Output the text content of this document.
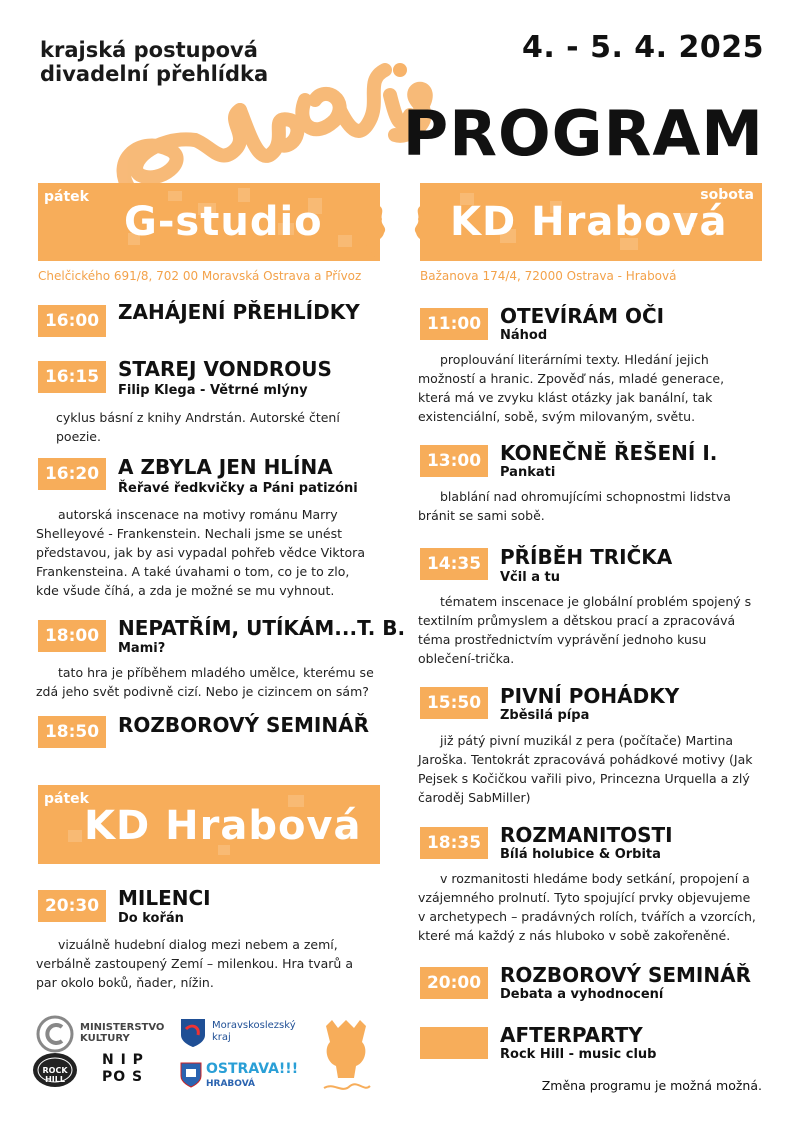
krajská postupová
divadelní přehlídka
4. - 5. 4. 2025
PROGRAM
pátek
G-studio
sobota
KD Hrabová
Chelčického 691/8, 702 00 Moravská Ostrava a Přívoz	Bažanova 174/4, 72000 Ostrava - Hrabová
16:00 ZAHÁJENÍ PŘEHLÍDKY
16:15 STAREJ VONDROUS
Filip Klega - Větrné mlýny
cyklus básní z knihy Andrstán. Autorské čtení poezie.
16:20 A ZBYLA JEN HLÍNA
Řeřavé ředkvičky a Páni patizóni
autorská inscenace na motivy románu Marry Shelleyové - Frankenstein. Nechali jsme se unést představou, jak by asi vypadal pohřeb vědce Viktora Frankensteina. A také úvahami o tom, co je to zlo, kde všude číhá, a zda je možné se mu vyhnout.
18:00 NEPATŘÍM, UTÍKÁM...T. B.
Mami?
tato hra je příběhem mladého umělce, kterému se zdá jeho svět podivně cizí. Nebo je cizincem on sám?
18:50 ROZBOROVÝ SEMINÁŘ
pátek
KD Hrabová
20:30 MILENCI
Do kořán
vizuálně hudební dialog mezi nebem a zemí, verbálně zastoupený Zemí – milenkou. Hra tvarů a par okolo boků, ňader, nížin.
11:00 OTEVÍRÁM OČI
Náhod
proplouvání literárními texty. Hledání jejich možností a hranic. Zpověď nás, mladé generace, která má ve zvyku klást otázky jak banální, tak existenciální, sobě, svým milovaným, světu.
13:00 KONEČNĚ ŘEŠENÍ I.
Pankati
blablání nad ohromujícími schopnostmi lidstva bránit se sami sobě.
14:35 PŘÍBĚH TRIČKA
Včil a tu
tématem inscenace je globální problém spojený s textilním průmyslem a dětskou prací a zpracovává téma prostřednictvím vyprávění jednoho kusu oblečení-trička.
15:50 PIVNÍ POHÁDKY
Zběsilá pípa
již pátý pivní muzikál z pera (počítače) Martina Jaroška. Tentokrát zpracovává pohádkové motivy (Jak Pejsek s Kočičkou vařili pivo, Princezna Urquella a zlý čaroděj SabMiller)
18:35 ROZMANITOSTI
Bílá holubice & Orbita
v rozmanitosti hledáme body setkání, propojení a vzájemného prolnutí. Tyto spojující prvky objevujeme v archetypech – pradávných rolích, tvářích a vzorcích, které má každý z nás hluboko v sobě zakořeněné.
20:00 ROZBOROVÝ SEMINÁŘ
Debata a vyhodnocení
AFTERPARTY
Rock Hill - music club
Změna programu je možná možná.
MINISTERSTVO
KULTURY
Moravskoslezský
kraj
ROCK HILL
N I P
PO S	OSTRAVA!!!
HRABOVÁ
